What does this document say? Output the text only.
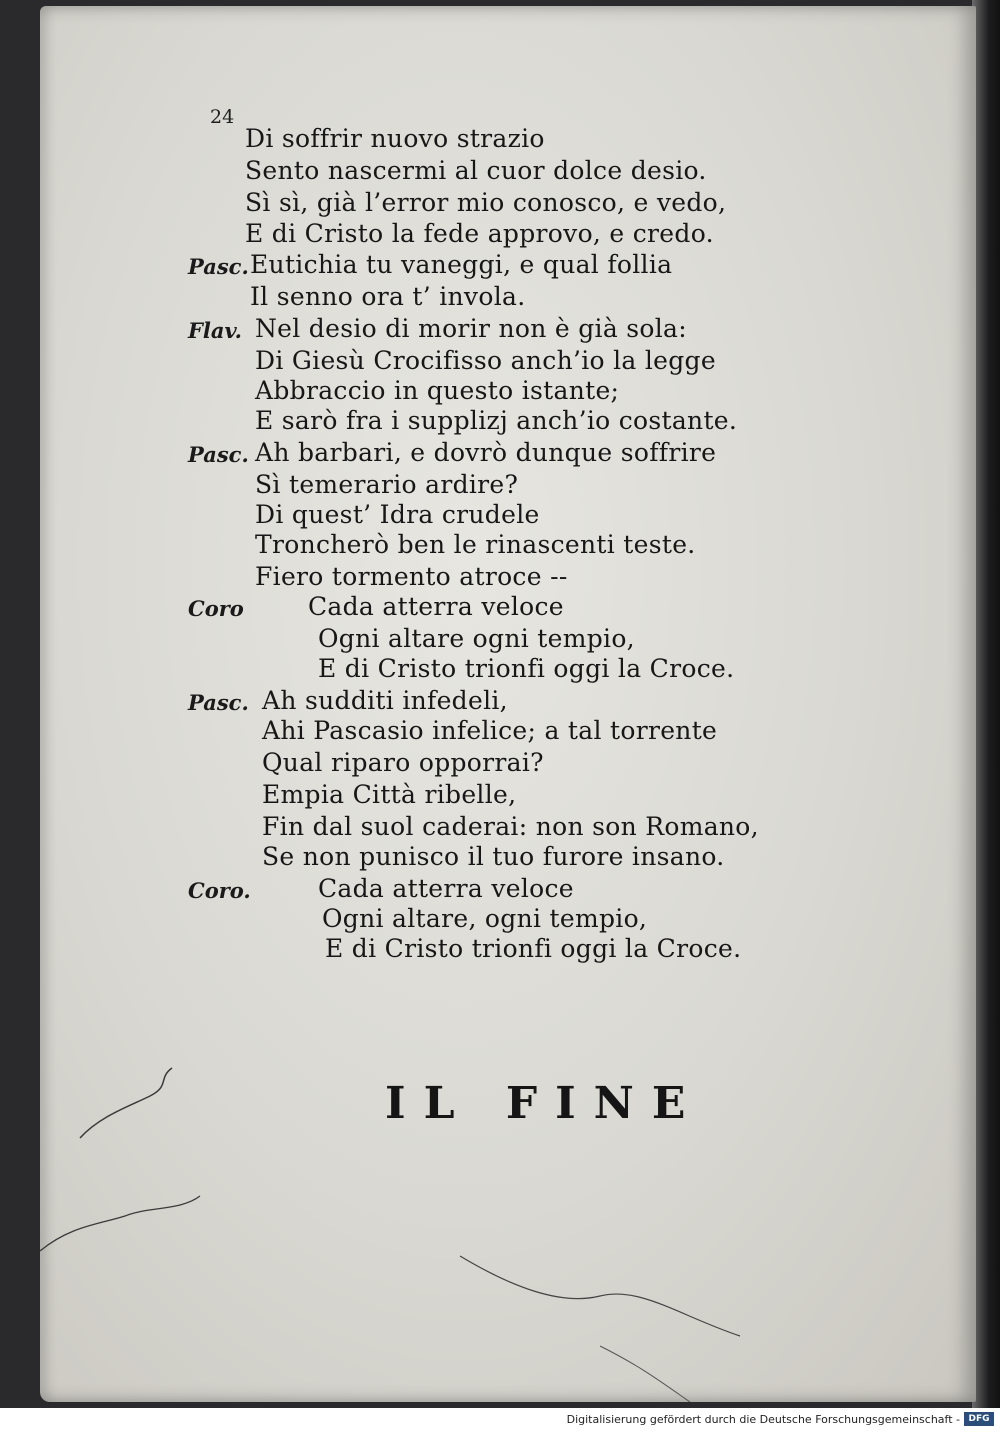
24
Di soffrir nuovo strazio
Sento nascermi al cuor dolce desio.
Sì sì, già l’error mio conosco, e vedo,
E di Cristo la fede approvo, e credo.
Eutichia tu vaneggi, e qual follia
Pasc.
Il senno ora t’ invola.
Nel desio di morir non è già sola:
Flav.
Di Giesù Crocifisso anch’io la legge
Abbraccio in questo istante;
E sarò fra i supplizj anch’io costante.
Ah barbari, e dovrò dunque soffrire
Pasc.
Sì temerario ardire?
Di quest’ Idra crudele
Troncherò ben le rinascenti teste.
Fiero tormento atroce --
Cada atterra veloce
Coro
Ogni altare ogni tempio,
E di Cristo trionfi oggi la Croce.
Ah sudditi infedeli,
Pasc.
Ahi Pascasio infelice; a tal torrente
Qual riparo opporrai?
Empia Città ribelle,
Fin dal suol caderai: non son Romano,
Se non punisco il tuo furore insano.
Cada atterra veloce
Coro.
Ogni altare, ogni tempio,
E di Cristo trionfi oggi la Croce.
IL FINE
Digitalisierung gefördert durch die Deutsche Forschungsgemeinschaft - DFG
